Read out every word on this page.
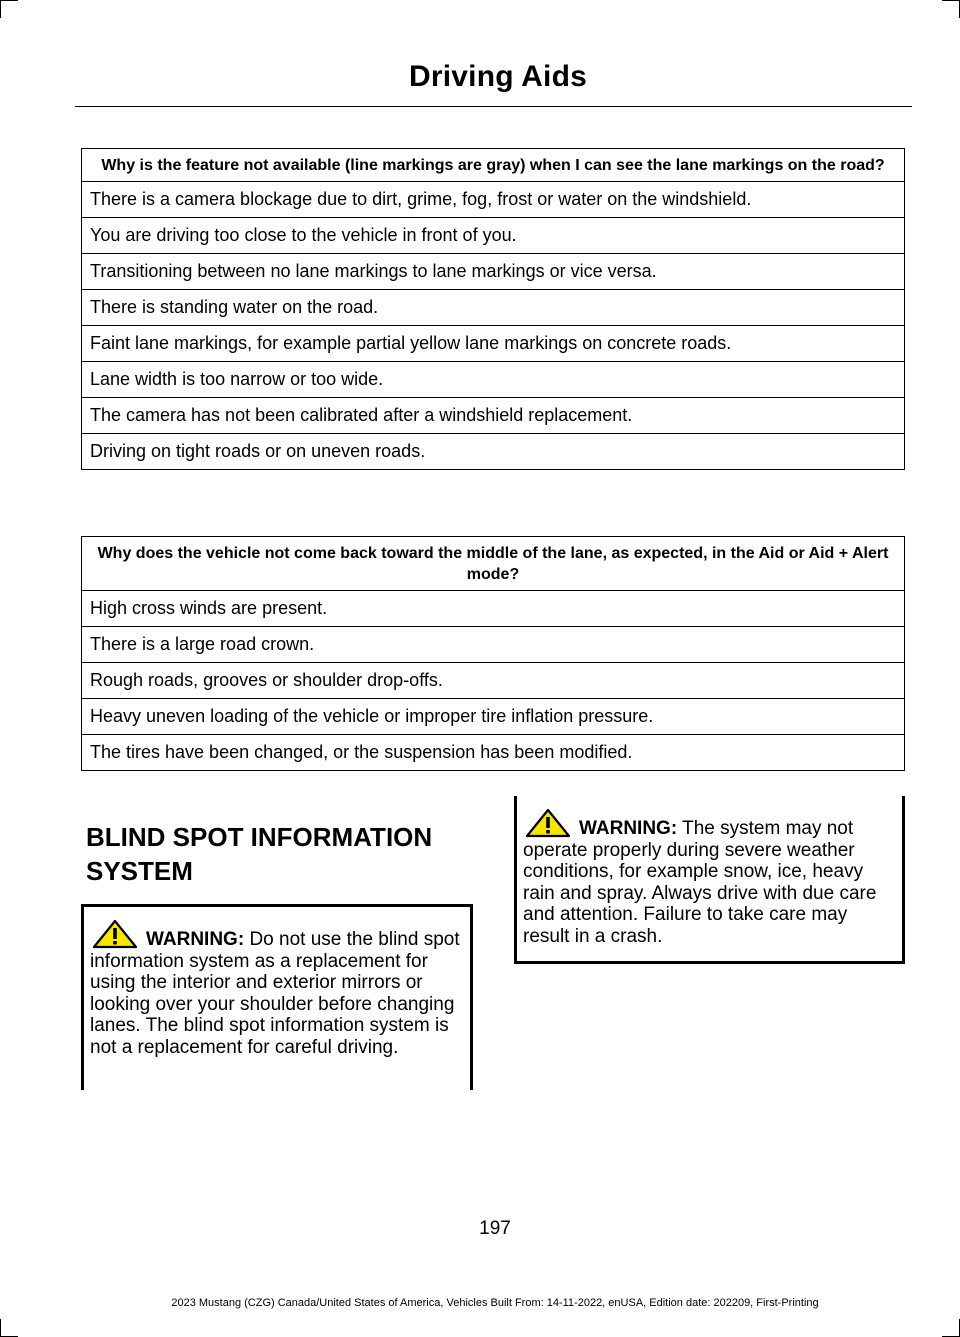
Driving Aids
Why is the feature not available (line markings are gray) when I can see the lane markings on the road?
There is a camera blockage due to dirt, grime, fog, frost or water on the windshield.
You are driving too close to the vehicle in front of you.
Transitioning between no lane markings to lane markings or vice versa.
There is standing water on the road.
Faint lane markings, for example partial yellow lane markings on concrete roads.
Lane width is too narrow or too wide.
The camera has not been calibrated after a windshield replacement.
Driving on tight roads or on uneven roads.
Why does the vehicle not come back toward the middle of the lane, as expected, in the Aid or Aid + Alert mode?
High cross winds are present.
There is a large road crown.
Rough roads, grooves or shoulder drop-offs.
Heavy uneven loading of the vehicle or improper tire inflation pressure.
The tires have been changed, or the suspension has been modified.
BLIND SPOT INFORMATION
SYSTEM
WARNING: Do not use the blind spot information system as a replacement for using the interior and exterior mirrors or looking over your shoulder before changing lanes. The blind spot information system is not a replacement for careful driving.
WARNING: The system may not operate properly during severe weather conditions, for example snow, ice, heavy rain and spray. Always drive with due care and attention. Failure to take care may result in a crash.
197
2023 Mustang (CZG) Canada/United States of America, Vehicles Built From: 14-11-2022, enUSA, Edition date: 202209, First-Printing
